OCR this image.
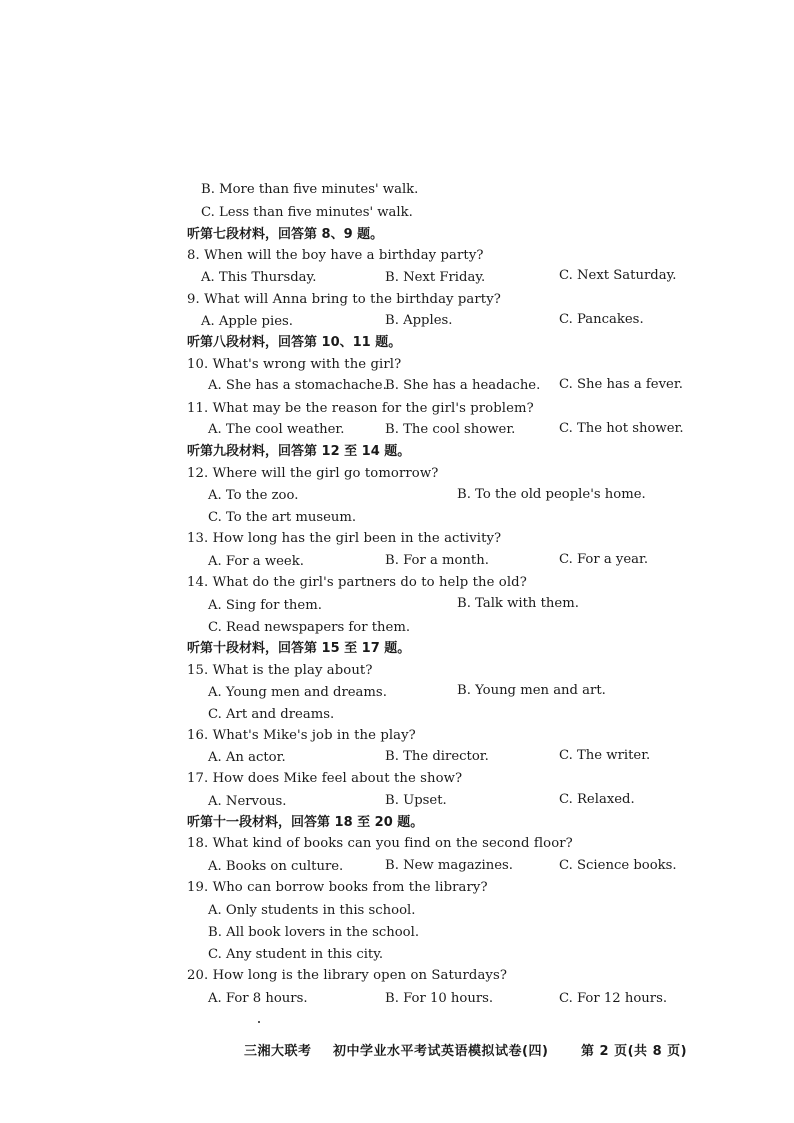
B. More than five minutes' walk.
C. Less than five minutes' walk.
听第七段材料，回答第 8、9 题。
8. When will the boy have a birthday party?
A. This Thursday.	B. Next Friday.	C. Next Saturday.
9. What will Anna bring to the birthday party?
A. Apple pies.	B. Apples.	C. Pancakes.
听第八段材料，回答第 10、11 题。
10. What's wrong with the girl?
A. She has a stomachache.
B. She has a headache. C. She has a fever.
11. What may be the reason for the girl's problem?
A. The cool weather.	B. The cool shower.	C. The hot shower.
听第九段材料，回答第 12 至 14 题。
12. Where will the girl go tomorrow?
A. To the zoo.	B. To the old people's home.
C. To the art museum.
13. How long has the girl been in the activity?
A. For a week.	B. For a month.	C. For a year.
14. What do the girl's partners do to help the old?
A. Sing for them.	B. Talk with them.
C. Read newspapers for them.
听第十段材料，回答第 15 至 17 题。
15. What is the play about?
A. Young men and dreams.	B. Young men and art.
C. Art and dreams.
16. What's Mike's job in the play?
A. An actor.	B. The director.	C. The writer.
17. How does Mike feel about the show?
A. Nervous.	B. Upset.	C. Relaxed.
听第十一段材料，回答第 18 至 20 题。
18. What kind of books can you find on the second floor?
A. Books on culture.	B. New magazines.	C. Science books.
19. Who can borrow books from the library?
A. Only students in this school.
B. All book lovers in the school.
C. Any student in this city.
20. How long is the library open on Saturdays?
A. For 8 hours.	B. For 10 hours.	C. For 12 hours.
三湘大联考 初中学业水平考试英语模拟试卷(四)	第 2 页(共 8 页)
